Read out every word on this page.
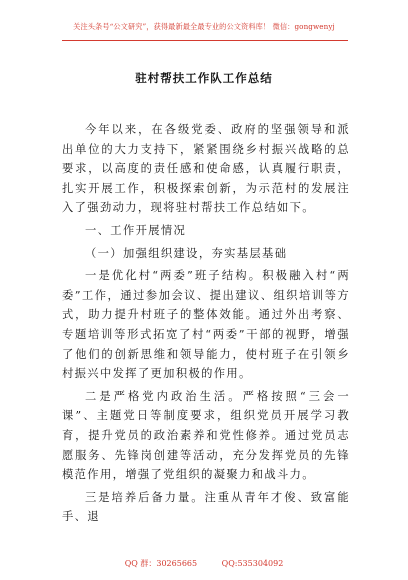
关注头条号“公文研究”，获得最新最全最专业的公文资料库！ 微信：gongwenyj
驻村帮扶工作队工作总结

今年以来，在各级党委、政府的坚强领导和派出单位的大力支持下，紧紧围绕乡村振兴战略的总要求，以高度的责任感和使命感，认真履行职责，扎实开展工作，积极探索创新，为示范村的发展注入了强劲动力，现将驻村帮扶工作总结如下。

一、工作开展情况

（一）加强组织建设，夯实基层基础

一是优化村“两委”班子结构。积极融入村“两委”工作，通过参加会议、提出建议、组织培训等方式，助力提升村班子的整体效能。通过外出考察、专题培训等形式拓宽了村“两委”干部的视野，增强了他们的创新思维和领导能力，使村班子在引领乡村振兴中发挥了更加积极的作用。

二是严格党内政治生活。严格按照“三会一课”、主题党日等制度要求，组织党员开展学习教育，提升党员的政治素养和党性修养。通过党员志愿服务、先锋岗创建等活动，充分发挥党员的先锋模范作用，增强了党组织的凝聚力和战斗力。

三是培养后备力量。注重从青年才俊、致富能手、退

QQ 群：30265665	QQ:535304092
